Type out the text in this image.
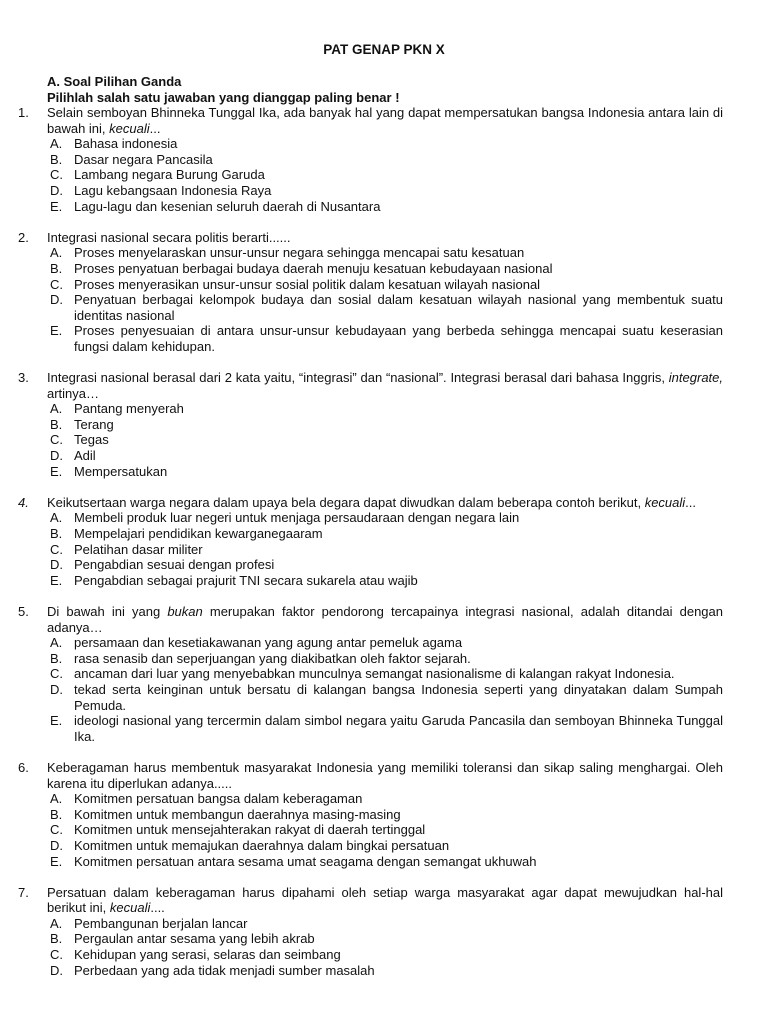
PAT GENAP PKN X
A. Soal Pilihan Ganda
Pilihlah salah satu jawaban yang dianggap paling benar !
1.	Selain semboyan Bhinneka Tunggal Ika, ada banyak hal yang dapat mempersatukan bangsa Indonesia antara lain di bawah ini, kecuali...
A. Bahasa indonesia
B. Dasar negara Pancasila
C. Lambang negara Burung Garuda
D. Lagu kebangsaan Indonesia Raya
E. Lagu-lagu dan kesenian seluruh daerah di Nusantara
2.	Integrasi nasional secara politis berarti......
A. Proses menyelaraskan unsur-unsur negara sehingga mencapai satu kesatuan
B. Proses penyatuan berbagai budaya daerah menuju kesatuan kebudayaan nasional
C. Proses menyerasikan unsur-unsur sosial politik dalam kesatuan wilayah nasional
D. Penyatuan berbagai kelompok budaya dan sosial dalam kesatuan wilayah nasional yang membentuk suatu identitas nasional
E. Proses penyesuaian di antara unsur-unsur kebudayaan yang berbeda sehingga mencapai suatu keserasian fungsi dalam kehidupan.
3.	Integrasi nasional berasal dari 2 kata yaitu, “integrasi” dan “nasional”. Integrasi berasal dari bahasa Inggris, integrate, artinya…
A. Pantang menyerah
B. Terang
C. Tegas
D. Adil
E. Mempersatukan
4.	Keikutsertaan warga negara dalam upaya bela degara dapat diwudkan dalam beberapa contoh berikut, kecuali...
A. Membeli produk luar negeri untuk menjaga persaudaraan dengan negara lain
B. Mempelajari pendidikan kewarganegaaram
C. Pelatihan dasar militer
D. Pengabdian sesuai dengan profesi
E. Pengabdian sebagai prajurit TNI secara sukarela atau wajib
5.	Di bawah ini yang bukan merupakan faktor pendorong tercapainya integrasi nasional, adalah ditandai dengan adanya…
A. persamaan dan kesetiakawanan yang agung antar pemeluk agama
B. rasa senasib dan seperjuangan yang diakibatkan oleh faktor sejarah.
C. ancaman dari luar yang menyebabkan munculnya semangat nasionalisme di kalangan rakyat Indonesia.
D. tekad serta keinginan untuk bersatu di kalangan bangsa Indonesia seperti yang dinyatakan dalam Sumpah Pemuda.
E. ideologi nasional yang tercermin dalam simbol negara yaitu Garuda Pancasila dan semboyan Bhinneka Tunggal Ika.
6.	Keberagaman harus membentuk masyarakat Indonesia yang memiliki toleransi dan sikap saling menghargai. Oleh karena itu diperlukan adanya.....
A. Komitmen persatuan bangsa dalam keberagaman
B. Komitmen untuk membangun daerahnya masing-masing
C. Komitmen untuk mensejahterakan rakyat di daerah tertinggal
D. Komitmen untuk memajukan daerahnya dalam bingkai persatuan
E. Komitmen persatuan antara sesama umat seagama dengan semangat ukhuwah
7.	Persatuan dalam keberagaman harus dipahami oleh setiap warga masyarakat agar dapat mewujudkan hal-hal berikut ini, kecuali....
A. Pembangunan berjalan lancar
B. Pergaulan antar sesama yang lebih akrab
C. Kehidupan yang serasi, selaras dan seimbang
D. Perbedaan yang ada tidak menjadi sumber masalah
